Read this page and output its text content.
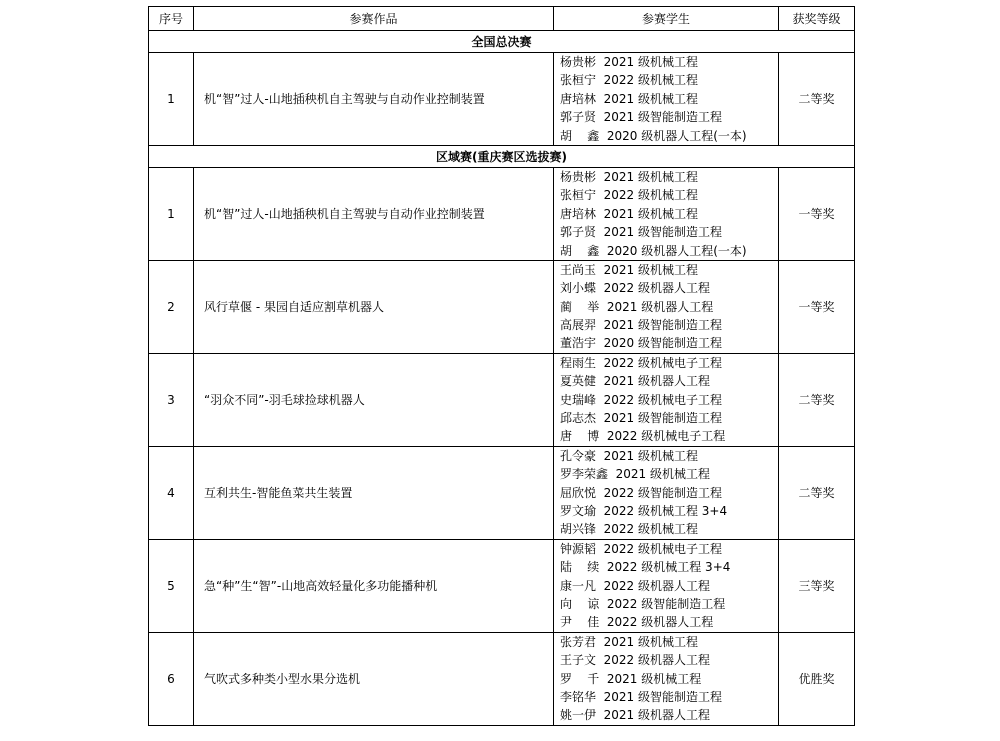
序号	参赛作品	参赛学生	获奖等级
全国总决赛			
1	机“智”过人-山地插秧机自主驾驶与自动作业控制装置	杨贵彬  2021 级机械工程
张桓宁  2022 级机械工程
唐培林  2021 级机械工程
郭子贤  2021 级智能制造工程
胡    鑫  2020 级机器人工程(一本)	二等奖
区域赛(重庆赛区选拔赛)			
1	机“智”过人-山地插秧机自主驾驶与自动作业控制装置	杨贵彬  2021 级机械工程
张桓宁  2022 级机械工程
唐培林  2021 级机械工程
郭子贤  2021 级智能制造工程
胡    鑫  2020 级机器人工程(一本)	一等奖
2	风行草偃 - 果园自适应割草机器人	王尚玉  2021 级机械工程
刘小蝶  2022 级机器人工程
蔺    举  2021 级机器人工程
高展羿  2021 级智能制造工程
董浩宇  2020 级智能制造工程	一等奖
3	“羽众不同”-羽毛球捡球机器人	程雨生  2022 级机械电子工程
夏英健  2021 级机器人工程
史瑞峰  2022 级机械电子工程
邱志杰  2021 级智能制造工程
唐    博  2022 级机械电子工程	二等奖
4	互利共生-智能鱼菜共生装置	孔令豪  2021 级机械工程
罗李荣鑫  2021 级机械工程
屈欣悦  2022 级智能制造工程
罗文瑜  2022 级机械工程 3+4
胡兴锋  2022 级机械工程	二等奖
5	急“种”生“智”-山地高效轻量化多功能播种机	钟源韬  2022 级机械电子工程
陆    续  2022 级机械工程 3+4
康一凡  2022 级机器人工程
向    谅  2022 级智能制造工程
尹    佳  2022 级机器人工程	三等奖
6	气吹式多种类小型水果分选机	张芳君  2021 级机械工程
王子文  2022 级机器人工程
罗    千  2021 级机械工程
李铭华  2021 级智能制造工程
姚一伊  2021 级机器人工程	优胜奖
